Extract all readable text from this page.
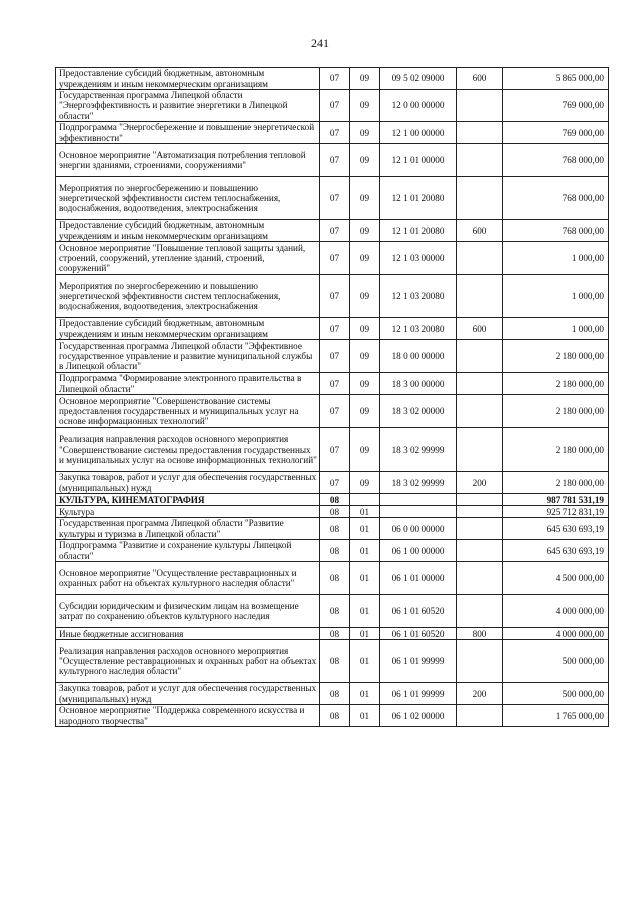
241
Предоставление субсидий бюджетным, автономным учреждениям и иным некоммерческим организациям	07	09	09 5 02 09000	600	5 865 000,00
Государственная программа Липецкой области "Энергоэффективность и развитие энергетики в Липецкой области"	07	09	12 0 00 00000		769 000,00
Подпрограмма "Энергосбережение и повышение энергетической эффективности"	07	09	12 1 00 00000		769 000,00
Основное мероприятие "Автоматизация потребления тепловой энергии зданиями, строениями, сооружениями"	07	09	12 1 01 00000		768 000,00
Мероприятия по энергосбережению и повышению энергетической эффективности систем теплоснабжения, водоснабжения, водоотведения, электроснабжения	07	09	12 1 01 20080		768 000,00
Предоставление субсидий бюджетным, автономным учреждениям и иным некоммерческим организациям	07	09	12 1 01 20080	600	768 000,00
Основное мероприятие "Повышение тепловой защиты зданий, строений, сооружений, утепление зданий, строений, сооружений"	07	09	12 1 03 00000		1 000,00
Мероприятия по энергосбережению и повышению энергетической эффективности систем теплоснабжения, водоснабжения, водоотведения, электроснабжения	07	09	12 1 03 20080		1 000,00
Предоставление субсидий бюджетным, автономным учреждениям и иным некоммерческим организациям	07	09	12 1 03 20080	600	1 000,00
Государственная программа Липецкой области "Эффективное государственное управление и развитие муниципальной службы в Липецкой области"	07	09	18 0 00 00000		2 180 000,00
Подпрограмма "Формирование электронного правительства в Липецкой области"	07	09	18 3 00 00000		2 180 000,00
Основное мероприятие "Совершенствование системы предоставления государственных и муниципальных услуг на основе информационных технологий"	07	09	18 3 02 00000		2 180 000,00
Реализация направления расходов основного мероприятия "Совершенствование системы предоставления государственных и муниципальных услуг на основе информационных технологий"	07	09	18 3 02 99999		2 180 000,00
Закупка товаров, работ и услуг для обеспечения государственных (муниципальных) нужд	07	09	18 3 02 99999	200	2 180 000,00
КУЛЬТУРА, КИНЕМАТОГРАФИЯ	08				987 781 531,19
Культура	08	01			925 712 831,19
Государственная программа Липецкой области "Развитие культуры и туризма в Липецкой области"	08	01	06 0 00 00000		645 630 693,19
Подпрограмма "Развитие и сохранение культуры Липецкой области"	08	01	06 1 00 00000		645 630 693,19
Основное мероприятие "Осуществление реставрационных и охранных работ на объектах культурного наследия области"	08	01	06 1 01 00000		4 500 000,00
Субсидии юридическим и физическим лицам на возмещение затрат по сохранению объектов культурного наследия	08	01	06 1 01 60520		4 000 000,00
Иные бюджетные ассигнования	08	01	06 1 01 60520	800	4 000 000,00
Реализация направления расходов основного мероприятия "Осуществление реставрационных и охранных работ на объектах культурного наследия области"	08	01	06 1 01 99999		500 000,00
Закупка товаров, работ и услуг для обеспечения государственных (муниципальных) нужд	08	01	06 1 01 99999	200	500 000,00
Основное мероприятие "Поддержка современного искусства и народного творчества"	08	01	06 1 02 00000		1 765 000,00
